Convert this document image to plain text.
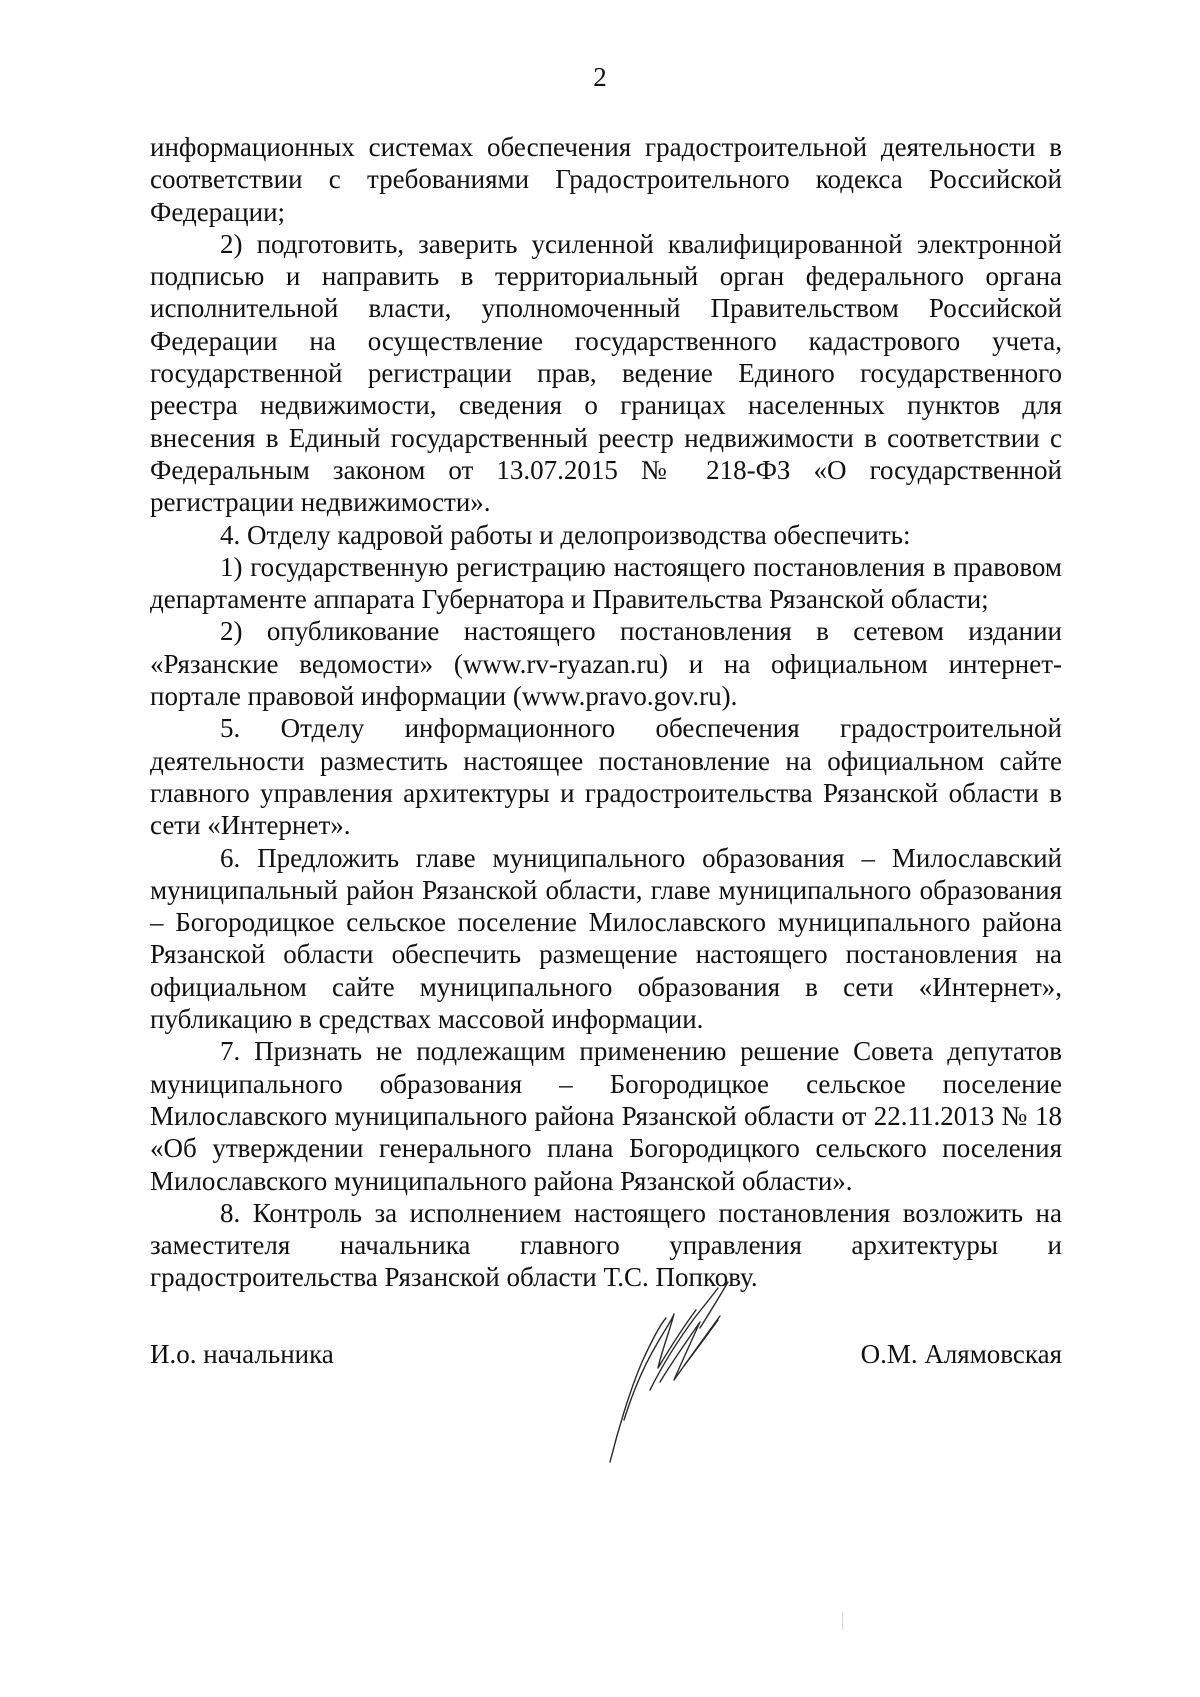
2

информационных системах обеспечения градостроительной деятельности в соответствии с требованиями Градостроительного кодекса Российской Федерации;

2) подготовить, заверить усиленной квалифицированной электронной подписью и направить в территориальный орган федерального органа исполнительной власти, уполномоченный Правительством Российской Федерации на осуществление государственного кадастрового учета, государственной регистрации прав, ведение Единого государственного реестра недвижимости, сведения о границах населенных пунктов для внесения в Единый государственный реестр недвижимости в соответствии с Федеральным законом от 13.07.2015 № 218-ФЗ «О государственной регистрации недвижимости».

4. Отделу кадровой работы и делопроизводства обеспечить:

1) государственную регистрацию настоящего постановления в правовом департаменте аппарата Губернатора и Правительства Рязанской области;

2) опубликование настоящего постановления в сетевом издании «Рязанские ведомости» (www.rv-ryazan.ru) и на официальном интернет-портале правовой информации (www.pravo.gov.ru).

5. Отделу информационного обеспечения градостроительной деятельности разместить настоящее постановление на официальном сайте главного управления архитектуры и градостроительства Рязанской области в сети «Интернет».

6. Предложить главе муниципального образования – Милославский муниципальный район Рязанской области, главе муниципального образования – Богородицкое сельское поселение Милославского муниципального района Рязанской области обеспечить размещение настоящего постановления на официальном сайте муниципального образования в сети «Интернет», публикацию в средствах массовой информации.

7. Признать не подлежащим применению решение Совета депутатов муниципального образования – Богородицкое сельское поселение Милославского муниципального района Рязанской области от 22.11.2013 № 18 «Об утверждении генерального плана Богородицкого сельского поселения Милославского муниципального района Рязанской области».

8. Контроль за исполнением настоящего постановления возложить на заместителя начальника главного управления архитектуры и градостроительства Рязанской области Т.С. Попкову.

И.о. начальника	О.М. Алямовская
